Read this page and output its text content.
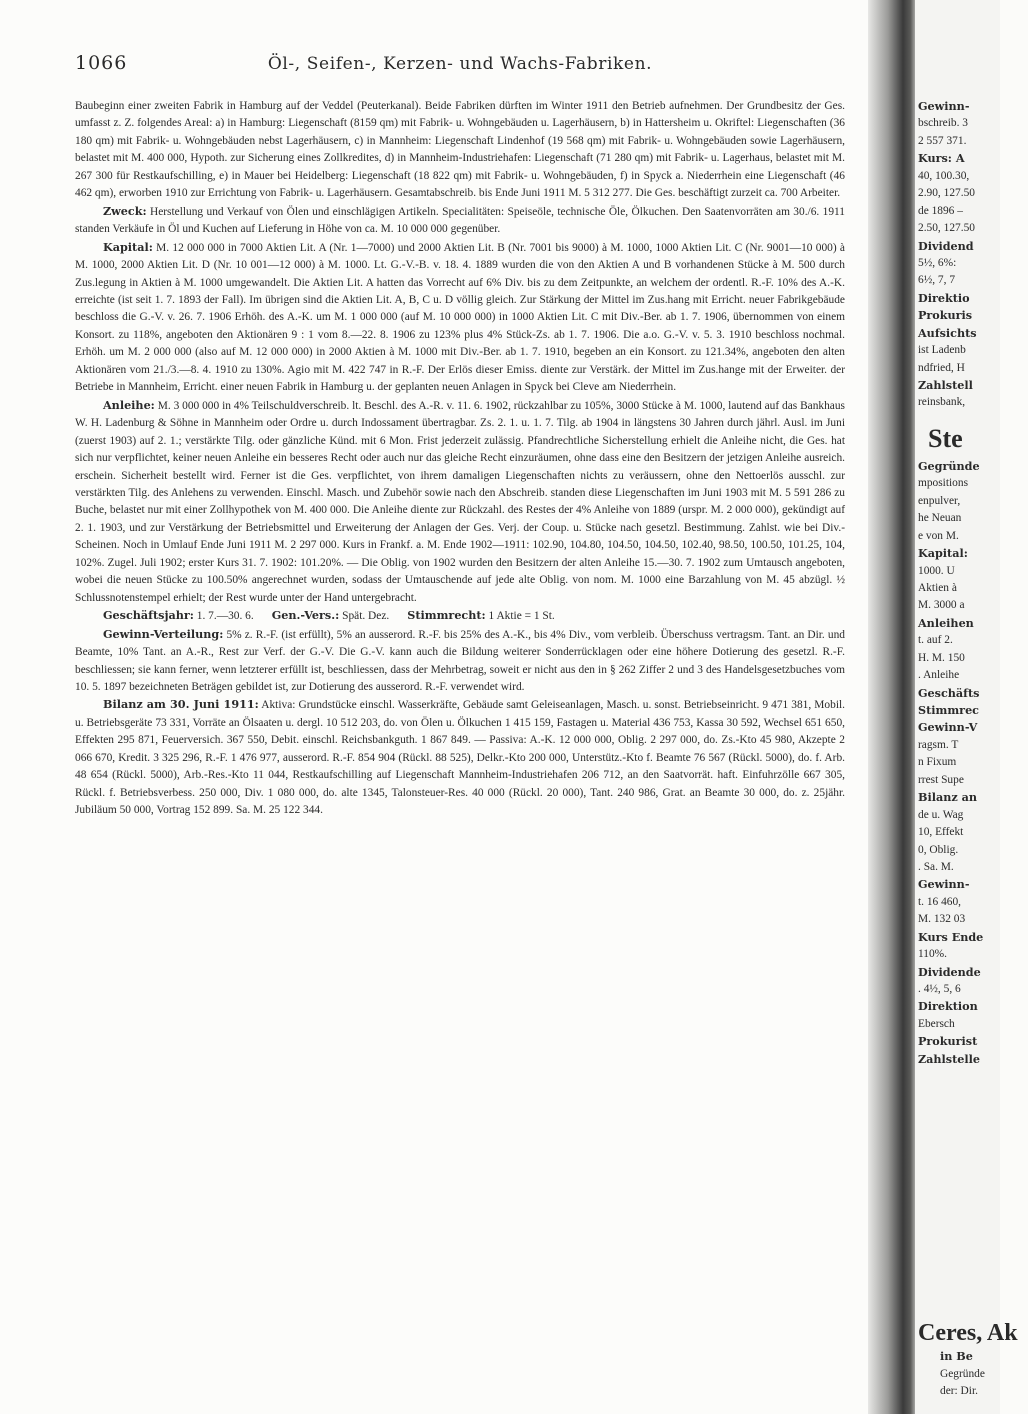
1066	Öl-, Seifen-, Kerzen- und Wachs-Fabriken.

Baubeginn einer zweiten Fabrik in Hamburg auf der Veddel (Peuterkanal). Beide Fabriken dürften im Winter 1911 den Betrieb aufnehmen. Der Grundbesitz der Ges. umfasst z. Z. folgendes Areal: a) in Hamburg: Liegenschaft (8159 qm) mit Fabrik- u. Wohngebäuden u. Lagerhäusern, b) in Hattersheim u. Okriftel: Liegenschaften (36 180 qm) mit Fabrik- u. Wohngebäuden nebst Lagerhäusern, c) in Mannheim: Liegenschaft Lindenhof (19 568 qm) mit Fabrik- u. Wohngebäuden sowie Lagerhäusern, belastet mit M. 400 000, Hypoth. zur Sicherung eines Zollkredites, d) in Mannheim-Industriehafen: Liegenschaft (71 280 qm) mit Fabrik- u. Lagerhaus, belastet mit M. 267 300 für Restkaufschilling, e) in Mauer bei Heidelberg: Liegenschaft (18 822 qm) mit Fabrik- u. Wohngebäuden, f) in Spyck a. Niederrhein eine Liegenschaft (46 462 qm), erworben 1910 zur Errichtung von Fabrik- u. Lagerhäusern. Gesamtabschreib. bis Ende Juni 1911 M. 5 312 277. Die Ges. beschäftigt zurzeit ca. 700 Arbeiter.

Zweck: Herstellung und Verkauf von Ölen und einschlägigen Artikeln. Specialitäten: Speiseöle, technische Öle, Ölkuchen. Den Saatenvorräten am 30./6. 1911 standen Verkäufe in Öl und Kuchen auf Lieferung in Höhe von ca. M. 10 000 000 gegenüber.

Kapital: M. 12 000 000 in 7000 Aktien Lit. A (Nr. 1—7000) und 2000 Aktien Lit. B (Nr. 7001 bis 9000) à M. 1000, 1000 Aktien Lit. C (Nr. 9001—10 000) à M. 1000, 2000 Aktien Lit. D (Nr. 10 001—12 000) à M. 1000. Lt. G.-V.-B. v. 18. 4. 1889 wurden die von den Aktien A und B vorhandenen Stücke à M. 500 durch Zus.legung in Aktien à M. 1000 umgewandelt. Die Aktien Lit. A hatten das Vorrecht auf 6% Div. bis zu dem Zeitpunkte, an welchem der ordentl. R.-F. 10% des A.-K. erreichte (ist seit 1. 7. 1893 der Fall). Im übrigen sind die Aktien Lit. A, B, C u. D völlig gleich. Zur Stärkung der Mittel im Zus.hang mit Erricht. neuer Fabrikgebäude beschloss die G.-V. v. 26. 7. 1906 Erhöh. des A.-K. um M. 1 000 000 (auf M. 10 000 000) in 1000 Aktien Lit. C mit Div.-Ber. ab 1. 7. 1906, übernommen von einem Konsort. zu 118%, angeboten den Aktionären 9 : 1 vom 8.—22. 8. 1906 zu 123% plus 4% Stück-Zs. ab 1. 7. 1906. Die a.o. G.-V. v. 5. 3. 1910 beschloss nochmal. Erhöh. um M. 2 000 000 (also auf M. 12 000 000) in 2000 Aktien à M. 1000 mit Div.-Ber. ab 1. 7. 1910, begeben an ein Konsort. zu 121.34%, angeboten den alten Aktionären vom 21./3.—8. 4. 1910 zu 130%. Agio mit M. 422 747 in R.-F. Der Erlös dieser Emiss. diente zur Verstärk. der Mittel im Zus.hange mit der Erweiter. der Betriebe in Mannheim, Erricht. einer neuen Fabrik in Hamburg u. der geplanten neuen Anlagen in Spyck bei Cleve am Niederrhein.

Anleihe: M. 3 000 000 in 4% Teilschuldverschreib. lt. Beschl. des A.-R. v. 11. 6. 1902, rückzahlbar zu 105%, 3000 Stücke à M. 1000, lautend auf das Bankhaus W. H. Ladenburg & Söhne in Mannheim oder Ordre u. durch Indossament übertragbar. Zs. 2. 1. u. 1. 7. Tilg. ab 1904 in längstens 30 Jahren durch jährl. Ausl. im Juni (zuerst 1903) auf 2. 1.; verstärkte Tilg. oder gänzliche Künd. mit 6 Mon. Frist jederzeit zulässig. Pfandrechtliche Sicherstellung erhielt die Anleihe nicht, die Ges. hat sich nur verpflichtet, keiner neuen Anleihe ein besseres Recht oder auch nur das gleiche Recht einzuräumen, ohne dass eine den Besitzern der jetzigen Anleihe ausreich. erschein. Sicherheit bestellt wird. Ferner ist die Ges. verpflichtet, von ihrem damaligen Liegenschaften nichts zu veräussern, ohne den Nettoerlös ausschl. zur verstärkten Tilg. des Anlehens zu verwenden. Einschl. Masch. und Zubehör sowie nach den Abschreib. standen diese Liegenschaften im Juni 1903 mit M. 5 591 286 zu Buche, belastet nur mit einer Zollhypothek von M. 400 000. Die Anleihe diente zur Rückzahl. des Restes der 4% Anleihe von 1889 (urspr. M. 2 000 000), gekündigt auf 2. 1. 1903, und zur Verstärkung der Betriebsmittel und Erweiterung der Anlagen der Ges. Verj. der Coup. u. Stücke nach gesetzl. Bestimmung. Zahlst. wie bei Div.-Scheinen. Noch in Umlauf Ende Juni 1911 M. 2 297 000. Kurs in Frankf. a. M. Ende 1902—1911: 102.90, 104.80, 104.50, 104.50, 102.40, 98.50, 100.50, 101.25, 104, 102%. Zugel. Juli 1902; erster Kurs 31. 7. 1902: 101.20%. — Die Oblig. von 1902 wurden den Besitzern der alten Anleihe 15.—30. 7. 1902 zum Umtausch angeboten, wobei die neuen Stücke zu 100.50% angerechnet wurden, sodass der Umtauschende auf jede alte Oblig. von nom. M. 1000 eine Barzahlung von M. 45 abzügl. ½ Schlussnotenstempel erhielt; der Rest wurde unter der Hand untergebracht.

Geschäftsjahr: 1. 7.—30. 6. Gen.-Vers.: Spät. Dez. Stimmrecht: 1 Aktie = 1 St.

Gewinn-Verteilung: 5% z. R.-F. (ist erfüllt), 5% an ausserord. R.-F. bis 25% des A.-K., bis 4% Div., vom verbleib. Überschuss vertragsm. Tant. an Dir. und Beamte, 10% Tant. an A.-R., Rest zur Verf. der G.-V. Die G.-V. kann auch die Bildung weiterer Sonderrücklagen oder eine höhere Dotierung des gesetzl. R.-F. beschliessen; sie kann ferner, wenn letzterer erfüllt ist, beschliessen, dass der Mehrbetrag, soweit er nicht aus den in § 262 Ziffer 2 und 3 des Handelsgesetzbuches vom 10. 5. 1897 bezeichneten Beträgen gebildet ist, zur Dotierung des ausserord. R.-F. verwendet wird.

Bilanz am 30. Juni 1911: Aktiva: Grundstücke einschl. Wasserkräfte, Gebäude samt Geleiseanlagen, Masch. u. sonst. Betriebseinricht. 9 471 381, Mobil. u. Betriebsgeräte 73 331, Vorräte an Ölsaaten u. dergl. 10 512 203, do. von Ölen u. Ölkuchen 1 415 159, Fastagen u. Material 436 753, Kassa 30 592, Wechsel 651 650, Effekten 295 871, Feuerversich. 367 550, Debit. einschl. Reichsbankguth. 1 867 849. — Passiva: A.-K. 12 000 000, Oblig. 2 297 000, do. Zs.-Kto 45 980, Akzepte 2 066 670, Kredit. 3 325 296, R.-F. 1 476 977, ausserord. R.-F. 854 904 (Rückl. 88 525), Delkr.-Kto 200 000, Unterstütz.-Kto f. Beamte 76 567 (Rückl. 5000), do. f. Arb. 48 654 (Rückl. 5000), Arb.-Res.-Kto 11 044, Restkaufschilling auf Liegenschaft Mannheim-Industriehafen 206 712, an den Saatvorrät. haft. Einfuhrzölle 667 305, Rückl. f. Betriebsverbess. 250 000, Div. 1 080 000, do. alte 1345, Talonsteuer-Res. 40 000 (Rückl. 20 000), Tant. 240 986, Grat. an Beamte 30 000, do. z. 25jähr. Jubiläum 50 000, Vortrag 152 899. Sa. M. 25 122 344.

Gewinn-
bschreib. 3
2 557 371.
Kurs: A
40, 100.30,
2.90, 127.50
de 1896 –
2.50, 127.50
Dividend
5½, 6%:
6½, 7, 7
Direktio
Prokuris
Aufsichts
ist Ladenb
ndfried, H
Zahlstell
reinsbank,
Ste
Gegründe
mpositions
enpulver,
he Neuan
e von M.
Kapital:
1000. U
Aktien à
M. 3000 a
Anleihen
t. auf 2.
H. M. 150
. Anleihe
Geschäfts
Stimmrec
Gewinn-V
ragsm. T
n Fixum
rrest Supe
Bilanz an
de u. Wag
10, Effekt
0, Oblig.
. Sa. M.
Gewinn-
t. 16 460,
M. 132 03
Kurs Ende
110%.
Dividende
. 4½, 5, 6
Direktion
Ebersch
Prokurist
Zahlstelle
Ceres, Ak
in Be
Gegründe
der: Dir.
